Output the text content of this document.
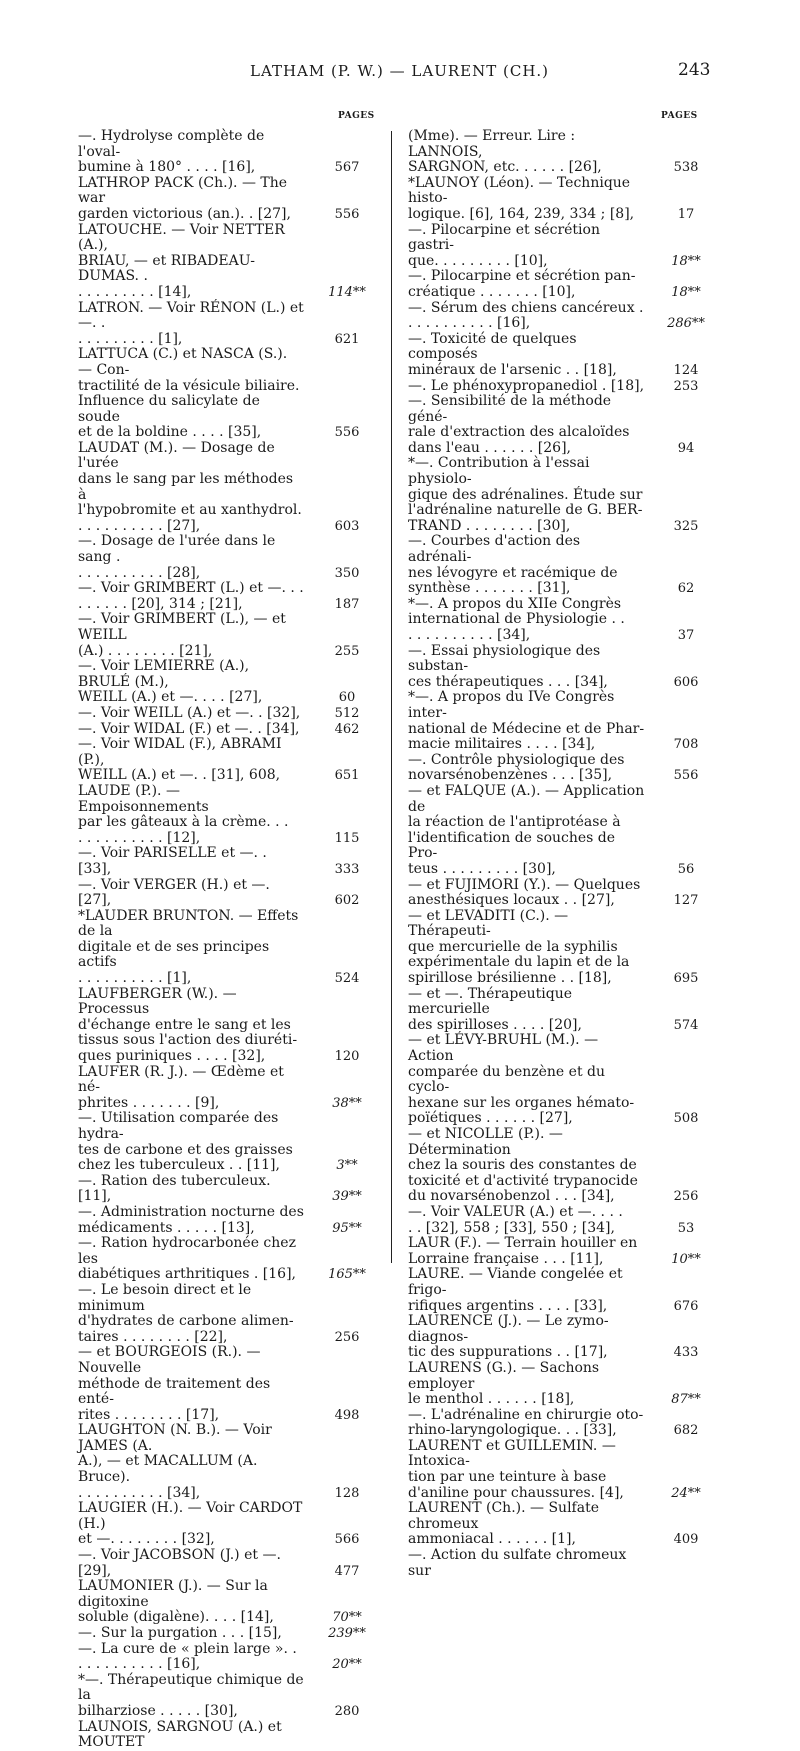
LATHAM (P. W.) — LAURENT (CH.)	243
PAGES	PAGES
—. Hydrolyse complète de l'oval-
bumine à 180° . . . . [16],	567
LATHROP PACK (Ch.). — The war
garden victorious (an.). . [27],	556
LATOUCHE. — Voir NETTER (A.),
BRIAU, — et RIBADEAU-DUMAS. .
. . . . . . . . . [14],	114**
LATRON. — Voir RÉNON (L.) et —. .
. . . . . . . . . [1],	621
LATTUCA (C.) et NASCA (S.). — Con-
tractilité de la vésicule biliaire.
Influence du salicylate de soude
et de la boldine . . . . [35],	556
LAUDAT (M.). — Dosage de l'urée
dans le sang par les méthodes à
l'hypobromite et au xanthydrol.
. . . . . . . . . . [27],	603
—. Dosage de l'urée dans le sang .
. . . . . . . . . . [28],	350
—. Voir GRIMBERT (L.) et —. . .
. . . . . . [20], 314 ; [21],	187
—. Voir GRIMBERT (L.), — et WEILL
(A.) . . . . . . . . [21],	255
—. Voir LEMIERRE (A.), BRULÉ (M.),
WEILL (A.) et —. . . . [27],	60
—. Voir WEILL (A.) et —. . [32],	512
—. Voir WIDAL (F.) et —. . [34],	462
—. Voir WIDAL (F.), ABRAMI (P.),
WEILL (A.) et —. . [31], 608,	651
LAUDE (P.). — Empoisonnements
par les gâteaux à la crème. . .
. . . . . . . . . . [12],	115
—. Voir PARISELLE et —. . [33],	333
—. Voir VERGER (H.) et —. [27],	602
*LAUDER BRUNTON. — Effets de la
digitale et de ses principes actifs
. . . . . . . . . . [1],	524
LAUFBERGER (W.). — Processus
d'échange entre le sang et les
tissus sous l'action des diuréti-
ques puriniques . . . . [32],	120
LAUFER (R. J.). — Œdème et né-
phrites . . . . . . . [9],	38**
—. Utilisation comparée des hydra-
tes de carbone et des graisses
chez les tuberculeux . . [11],	3**
—. Ration des tuberculeux. [11],	39**
—. Administration nocturne des
médicaments . . . . . [13],	95**
—. Ration hydrocarbonée chez les
diabétiques arthritiques . [16],	165**
—. Le besoin direct et le minimum
d'hydrates de carbone alimen-
taires . . . . . . . . [22],	256
— et BOURGEOIS (R.). — Nouvelle
méthode de traitement des enté-
rites . . . . . . . . [17],	498
LAUGHTON (N. B.). — Voir JAMES (A.
A.), — et MACALLUM (A. Bruce).
. . . . . . . . . . [34],	128
LAUGIER (H.). — Voir CARDOT (H.)
et —. . . . . . . . [32],	566
—. Voir JACOBSON (J.) et —. [29],	477
LAUMONIER (J.). — Sur la digitoxine
soluble (digalène). . . . [14],	70**
—. Sur la purgation . . . [15],	239**
—. La cure de « plein large ». .
. . . . . . . . . . [16],	20**
*—. Thérapeutique chimique de la
bilharziose . . . . . [30],	280
LAUNOIS, SARGNOU (A.) et MOUTET
(Mme). — Erreur. Lire : LANNOIS,
SARGNON, etc. . . . . . [26],	538
*LAUNOY (Léon). — Technique histo-
logique. [6], 164, 239, 334 ; [8],	17
—. Pilocarpine et sécrétion gastri-
que. . . . . . . . . [10],	18**
—. Pilocarpine et sécrétion pan-
créatique . . . . . . . [10],	18**
—. Sérum des chiens cancéreux .
. . . . . . . . . . [16],	286**
—. Toxicité de quelques composés
minéraux de l'arsenic . . [18],	124
—. Le phénoxypropanediol . [18],	253
—. Sensibilité de la méthode géné-
rale d'extraction des alcaloïdes
dans l'eau . . . . . . [26],	94
*—. Contribution à l'essai physiolo-
gique des adrénalines. Étude sur
l'adrénaline naturelle de G. BER-
TRAND . . . . . . . . [30],	325
—. Courbes d'action des adrénali-
nes lévogyre et racémique de
synthèse . . . . . . . [31],	62
*—. A propos du XIIe Congrès
international de Physiologie . .
. . . . . . . . . . [34],	37
—. Essai physiologique des substan-
ces thérapeutiques . . . [34],	606
*—. A propos du IVe Congrès inter-
national de Médecine et de Phar-
macie militaires . . . . [34],	708
—. Contrôle physiologique des
novarsénobenzènes . . . [35],	556
— et FALQUE (A.). — Application de
la réaction de l'antiprotéase à
l'identification de souches de Pro-
teus . . . . . . . . . [30],	56
— et FUJIMORI (Y.). — Quelques
anesthésiques locaux . . [27],	127
— et LEVADITI (C.). — Thérapeuti-
que mercurielle de la syphilis
expérimentale du lapin et de la
spirillose brésilienne . . [18],	695
— et —. Thérapeutique mercurielle
des spirilloses . . . . [20],	574
— et LÉVY-BRUHL (M.). — Action
comparée du benzène et du cyclo-
hexane sur les organes hémato-
poïétiques . . . . . . [27],	508
— et NICOLLE (P.). — Détermination
chez la souris des constantes de
toxicité et d'activité trypanocide
du novarsénobenzol . . . [34],	256
—. Voir VALEUR (A.) et —. . . .
. . [32], 558 ; [33], 550 ; [34],	53
LAUR (F.). — Terrain houiller en
Lorraine française . . . [11],	10**
LAURE. — Viande congelée et frigo-
rifiques argentins . . . . [33],	676
LAURENCE (J.). — Le zymo-diagnos-
tic des suppurations . . [17],	433
LAURENS (G.). — Sachons employer
le menthol . . . . . . [18],	87**
—. L'adrénaline en chirurgie oto-
rhino-laryngologique. . . [33],	682
LAURENT et GUILLEMIN. — Intoxica-
tion par une teinture à base
d'aniline pour chaussures. [4],	24**
LAURENT (Ch.). — Sulfate chromeux
ammoniacal . . . . . . [1],	409
—. Action du sulfate chromeux sur
